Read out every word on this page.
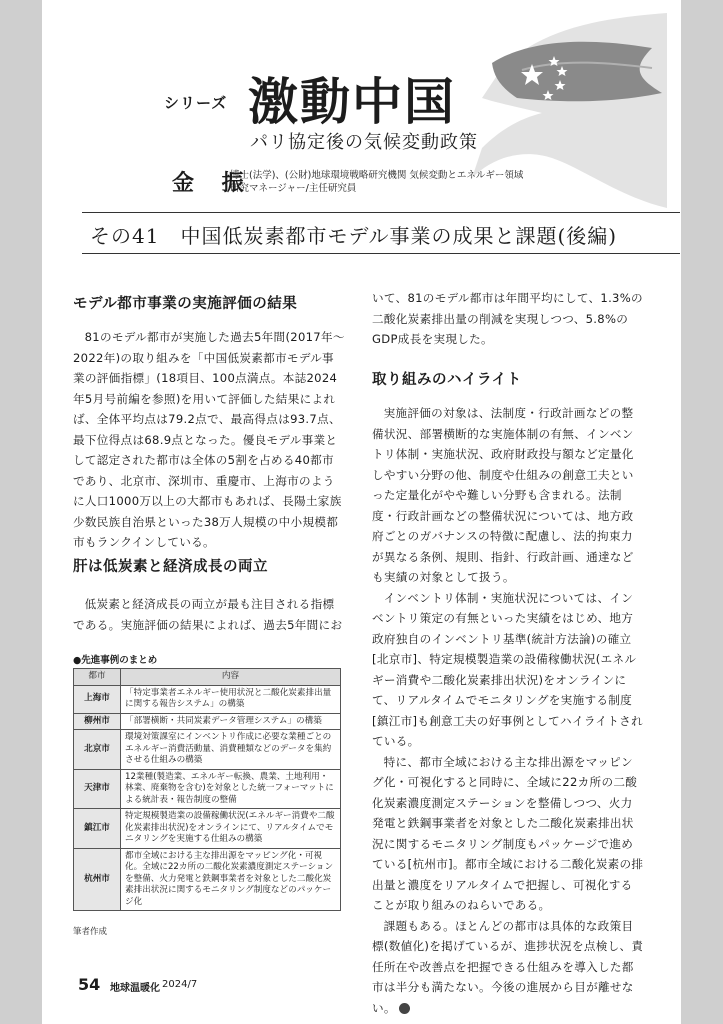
シリーズ 激動中国
パリ協定後の気候変動政策
金 振
博士(法学)、(公財)地球環境戦略研究機関 気候変動とエネルギー領域
研究マネージャー/主任研究員
その41　中国低炭素都市モデル事業の成果と課題(後編)
モデル都市事業の実施評価の結果

81のモデル都市が実施した過去5年間(2017年～2022年)の取り組みを「中国低炭素都市モデル事業の評価指標」(18項目、100点満点。本誌2024年5月号前編を参照)を用いて評価した結果によれば、全体平均点は79.2点で、最高得点は93.7点、最下位得点は68.9点となった。優良モデル事業として認定された都市は全体の5割を占める40都市であり、北京市、深圳市、重慶市、上海市のように人口1000万以上の大都市もあれば、長陽土家族少数民族自治県といった38万人規模の中小規模都市もランクインしている。

肝は低炭素と経済成長の両立

低炭素と経済成長の両立が最も注目される指標である。実施評価の結果によれば、過去5年間にお

●先進事例のまとめ
都市	内容
上海市	「特定事業者エネルギー使用状況と二酸化炭素排出量に関する報告システム」の構築
柳州市	「部署横断・共同炭素データ管理システム」の構築
北京市	環境対策課室にインベントリ作成に必要な業種ごとのエネルギー消費活動量、消費種類などのデータを集約させる仕組みの構築
天津市	12業種(製造業、エネルギー転換、農業、土地利用・林業、廃棄物を含む)を対象とした統一フォーマットによる統計表・報告制度の整備
鎮江市	特定規模製造業の設備稼働状況(エネルギー消費や二酸化炭素排出状況)をオンラインにて、リアルタイムでモニタリングを実施する仕組みの構築
杭州市	都市全域における主な排出源をマッピング化・可視化。全域に22カ所の二酸化炭素濃度測定ステーションを整備、火力発電と鉄鋼事業者を対象とした二酸化炭素排出状況に関するモニタリング制度などのパッケージ化
筆者作成

いて、81のモデル都市は年間平均にして、1.3%の二酸化炭素排出量の削減を実現しつつ、5.8%のGDP成長を実現した。

取り組みのハイライト

実施評価の対象は、法制度・行政計画などの整備状況、部署横断的な実施体制の有無、インベントリ体制・実施状況、政府財政投与額など定量化しやすい分野の他、制度や仕組みの創意工夫といった定量化がやや難しい分野も含まれる。法制度・行政計画などの整備状況については、地方政府ごとのガバナンスの特徴に配慮し、法的拘束力が異なる条例、規則、指針、行政計画、通達なども実績の対象として扱う。

インベントリ体制・実施状況については、インベントリ策定の有無といった実績をはじめ、地方政府独自のインベントリ基準(統計方法論)の確立[北京市]、特定規模製造業の設備稼働状況(エネルギー消費や二酸化炭素排出状況)をオンラインにて、リアルタイムでモニタリングを実施する制度[鎮江市]も創意工夫の好事例としてハイライトされている。

特に、都市全域における主な排出源をマッピング化・可視化すると同時に、全域に22カ所の二酸化炭素濃度測定ステーションを整備しつつ、火力発電と鉄鋼事業者を対象とした二酸化炭素排出状況に関するモニタリング制度もパッケージで進めている[杭州市]。都市全域における二酸化炭素の排出量と濃度をリアルタイムで把握し、可視化することが取り組みのねらいである。

課題もある。ほとんどの都市は具体的な政策目標(数値化)を掲げているが、進捗状況を点検し、責任所在や改善点を把握できる仕組みを導入した都市は半分も満たない。今後の進展から目が離せない。

54 地球温暖化 2024/7
